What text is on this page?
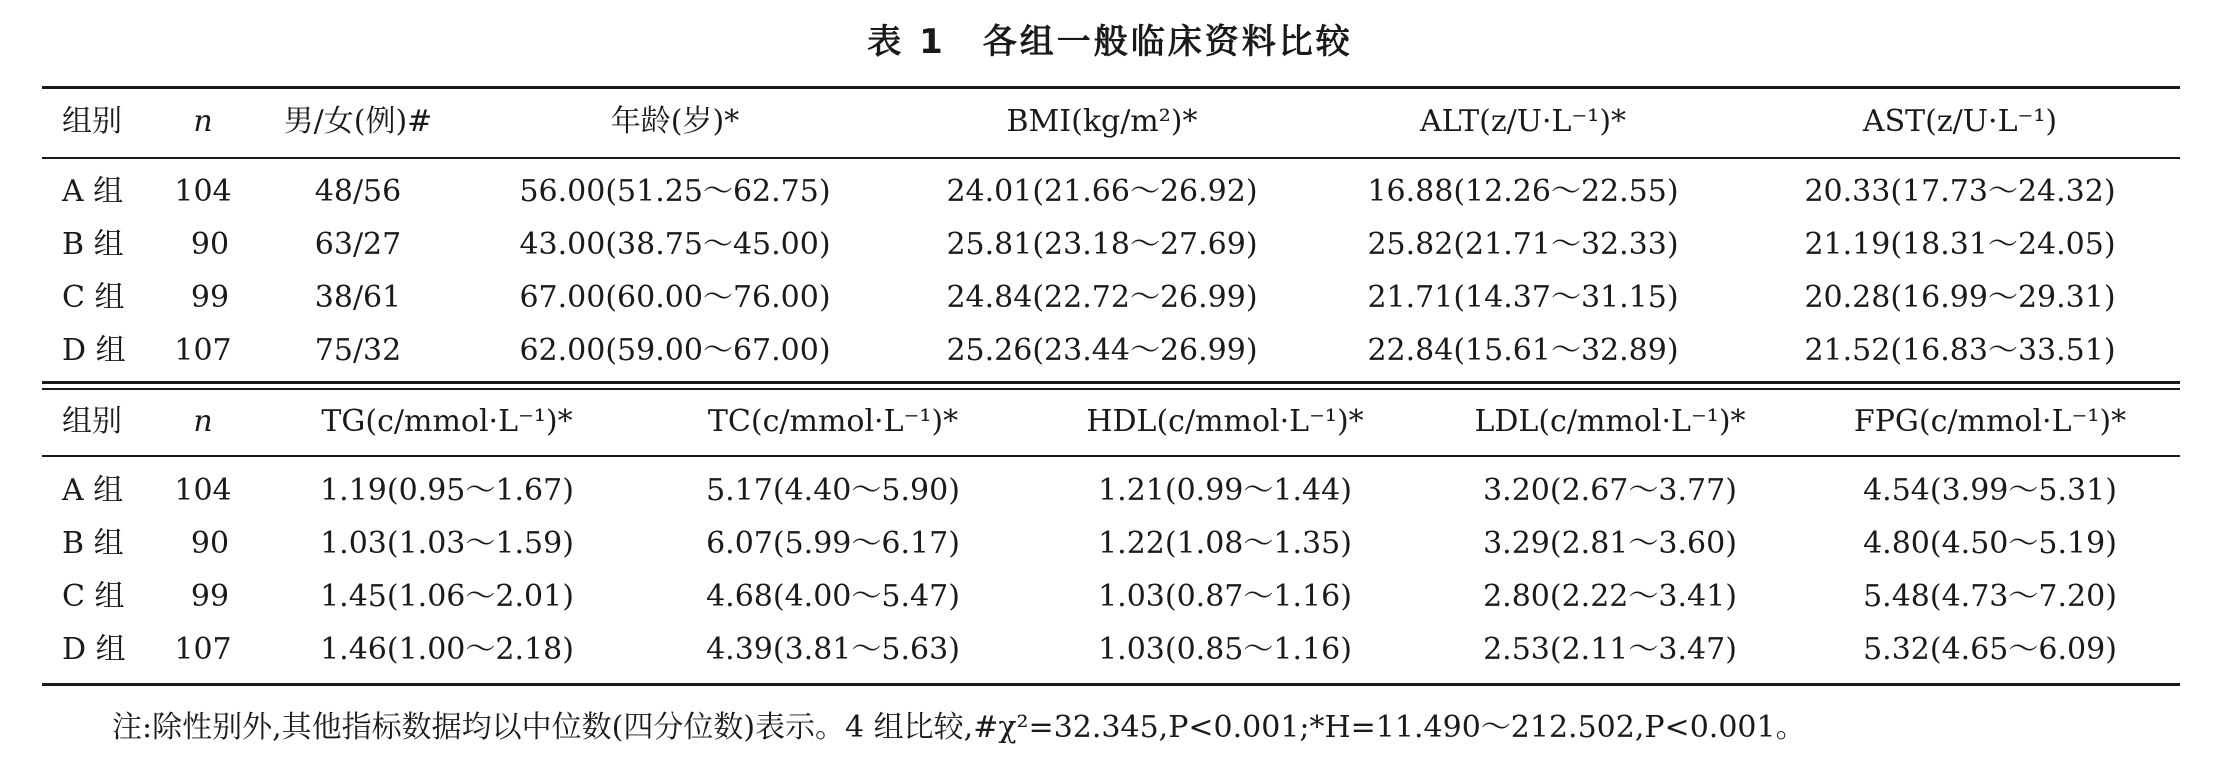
表 1　各组一般临床资料比较
组别 n 男/女(例)#	年龄(岁)*	BMI(kg/m²)*	ALT(z/U·L⁻¹)*	AST(z/U·L⁻¹)
A 组 104	48/56	56.00(51.25～62.75)	24.01(21.66～26.92)	16.88(12.26～22.55)	20.33(17.73～24.32)
B 组 90	63/27	43.00(38.75～45.00)	25.81(23.18～27.69)	25.82(21.71～32.33)	21.19(18.31～24.05)
C 组 99	38/61	67.00(60.00～76.00)	24.84(22.72～26.99)	21.71(14.37～31.15)	20.28(16.99～29.31)
D 组 107	75/32	62.00(59.00～67.00)	25.26(23.44～26.99)	22.84(15.61～32.89)	21.52(16.83～33.51)
组别 n	TG(c/mmol·L⁻¹)*	TC(c/mmol·L⁻¹)*	HDL(c/mmol·L⁻¹)*	LDL(c/mmol·L⁻¹)*	FPG(c/mmol·L⁻¹)*
A 组 104	1.19(0.95～1.67)	5.17(4.40～5.90)	1.21(0.99～1.44)	3.20(2.67～3.77)	4.54(3.99～5.31)
B 组 90	1.03(1.03～1.59)	6.07(5.99～6.17)	1.22(1.08～1.35)	3.29(2.81～3.60)	4.80(4.50～5.19)
C 组 99	1.45(1.06～2.01)	4.68(4.00～5.47)	1.03(0.87～1.16)	2.80(2.22～3.41)	5.48(4.73～7.20)
D 组 107	1.46(1.00～2.18)	4.39(3.81～5.63)	1.03(0.85～1.16)	2.53(2.11～3.47)	5.32(4.65～6.09)
注:除性别外,其他指标数据均以中位数(四分位数)表示。4 组比较,#χ²=32.345,P<0.001;*H=11.490～212.502,P<0.001。
